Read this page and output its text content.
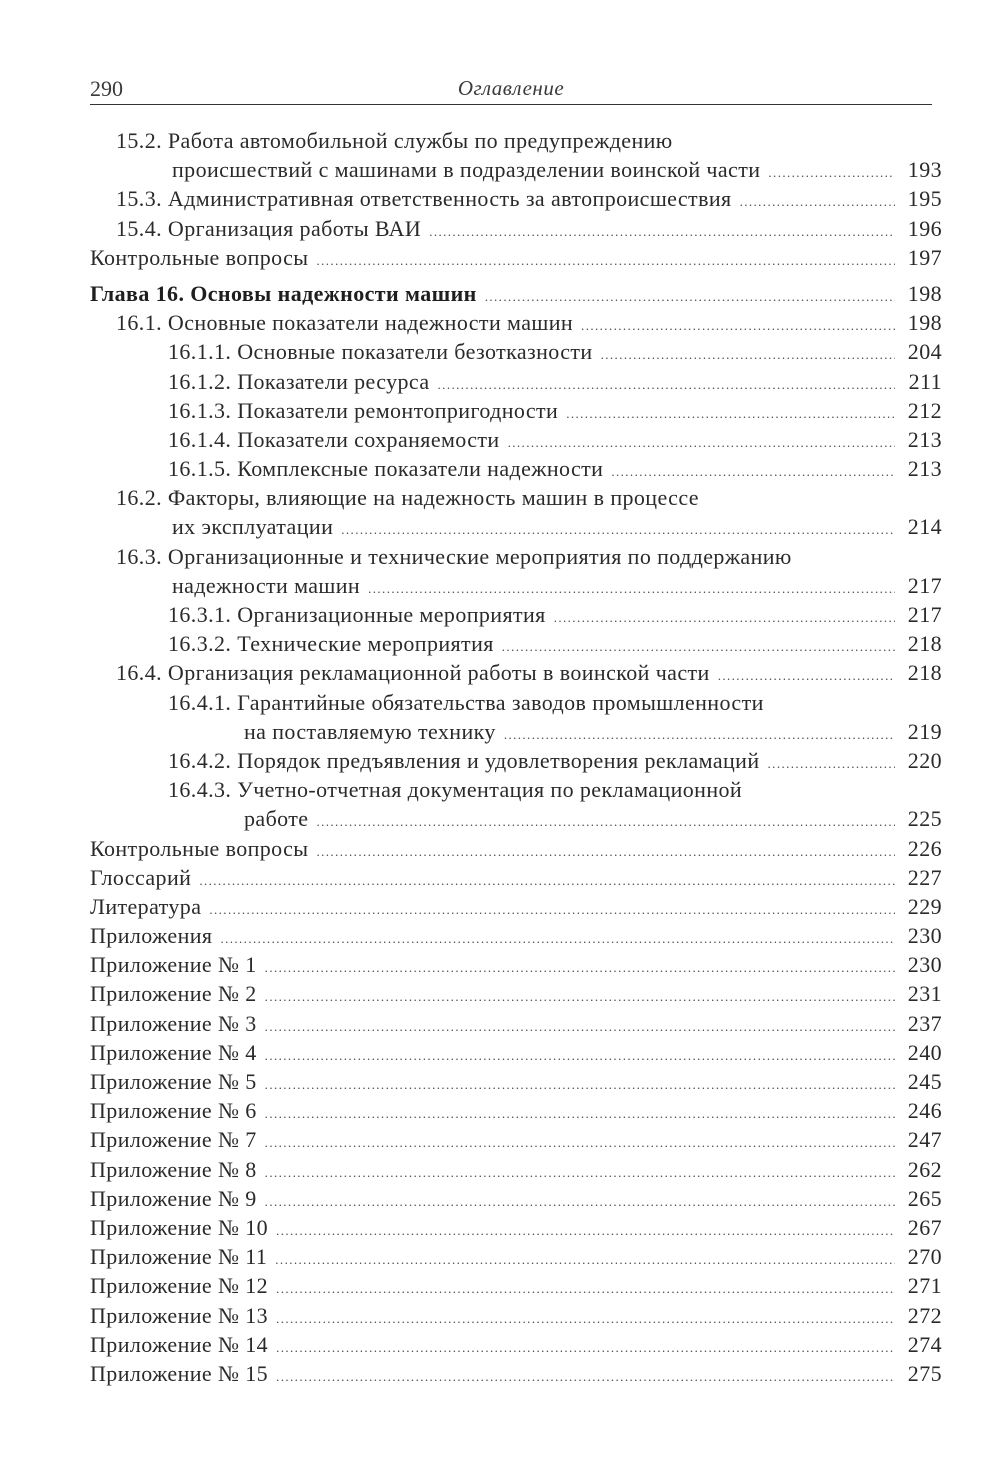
290	Оглавление
15.2. Работа автомобильной службы по предупреждению
происшествий с машинами в подразделении воинской части .....	193
15.3. Административная ответственность за автопроисшествия .....	195
15.4. Организация работы ВАИ .....	196
Контрольные вопросы .....	197
Глава 16. Основы надежности машин .....	198
16.1. Основные показатели надежности машин .....	198
16.1.1. Основные показатели безотказности .....	204
16.1.2. Показатели ресурса .....	211
16.1.3. Показатели ремонтопригодности .....	212
16.1.4. Показатели сохраняемости .....	213
16.1.5. Комплексные показатели надежности .....	213
16.2. Факторы, влияющие на надежность машин в процессе
их эксплуатации .....	214
16.3. Организационные и технические мероприятия по поддержанию
надежности машин .....	217
16.3.1. Организационные мероприятия .....	217
16.3.2. Технические мероприятия .....	218
16.4. Организация рекламационной работы в воинской части .....	218
16.4.1. Гарантийные обязательства заводов промышленности
на поставляемую технику .....	219
16.4.2. Порядок предъявления и удовлетворения рекламаций .....	220
16.4.3. Учетно-отчетная документация по рекламационной
работе .....	225
Контрольные вопросы .....	226
Глоссарий .....	227
Литература .....	229
Приложения .....	230
Приложение № 1 .....	230
Приложение № 2 .....	231
Приложение № 3 .....	237
Приложение № 4 .....	240
Приложение № 5 .....	245
Приложение № 6 .....	246
Приложение № 7 .....	247
Приложение № 8 .....	262
Приложение № 9 .....	265
Приложение № 10 .....	267
Приложение № 11 .....	270
Приложение № 12 .....	271
Приложение № 13 .....	272
Приложение № 14 .....	274
Приложение № 15 .....	275
